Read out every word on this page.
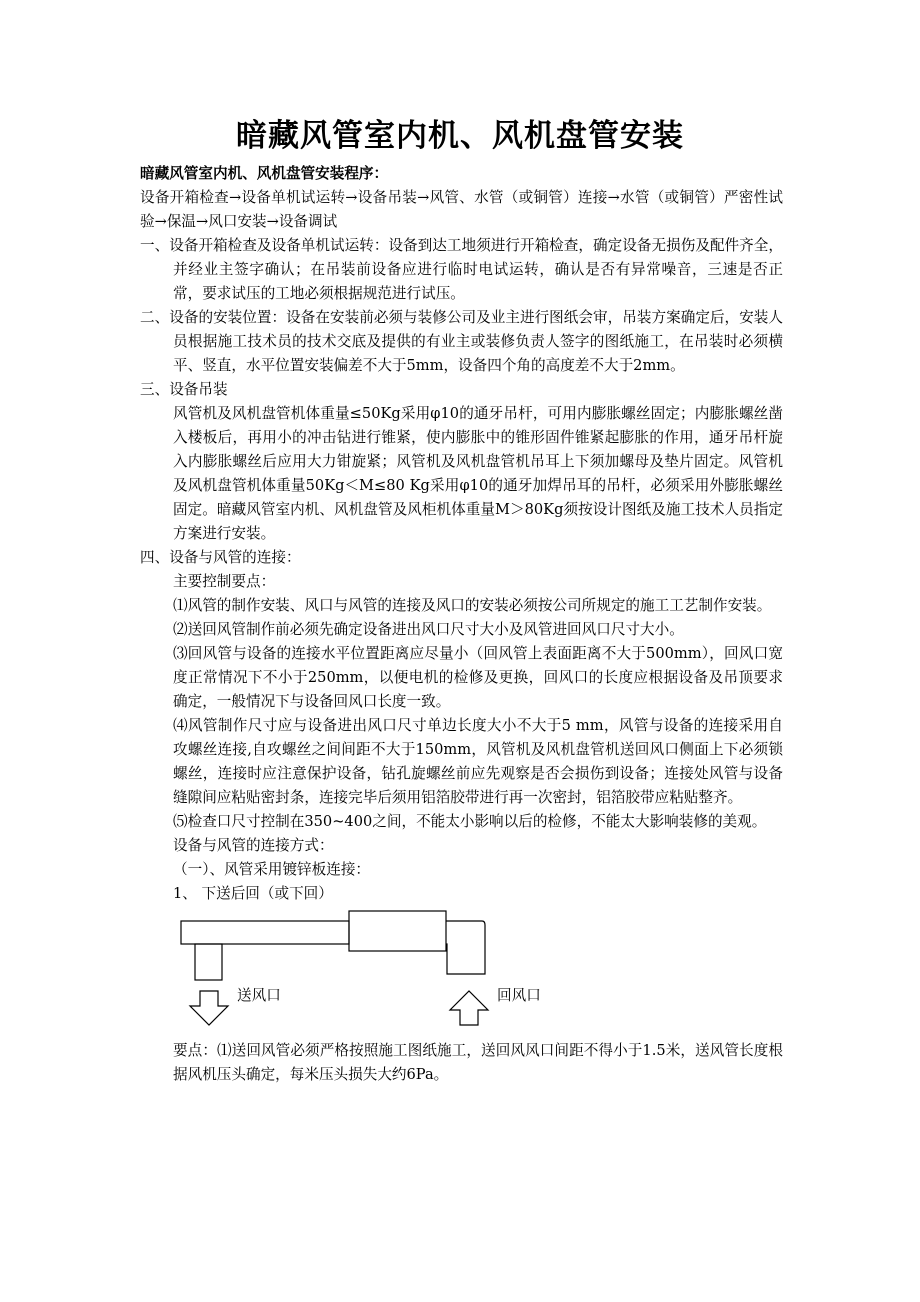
暗藏风管室内机、风机盘管安装

暗藏风管室内机、风机盘管安装程序：

设备开箱检查→设备单机试运转→设备吊装→风管、水管（或铜管）连接→水管（或铜管）严密性试验→保温→风口安装→设备调试

一、设备开箱检查及设备单机试运转：设备到达工地须进行开箱检查，确定设备无损伤及配件齐全，并经业主签字确认；在吊装前设备应进行临时电试运转，确认是否有异常噪音，三速是否正常，要求试压的工地必须根据规范进行试压。

二、设备的安装位置：设备在安装前必须与装修公司及业主进行图纸会审，吊装方案确定后，安装人员根据施工技术员的技术交底及提供的有业主或装修负责人签字的图纸施工，在吊装时必须横平、竖直，水平位置安装偏差不大于5mm，设备四个角的高度差不大于2mm。

三、设备吊装

风管机及风机盘管机体重量≤50Kg采用φ10的通牙吊杆，可用内膨胀螺丝固定；内膨胀螺丝凿入楼板后，再用小的冲击钻进行锥紧，使内膨胀中的锥形固件锥紧起膨胀的作用，通牙吊杆旋入内膨胀螺丝后应用大力钳旋紧；风管机及风机盘管机吊耳上下须加螺母及垫片固定。风管机及风机盘管机体重量50Kg＜M≤80 Kg采用φ10的通牙加焊吊耳的吊杆，必须采用外膨胀螺丝固定。暗藏风管室内机、风机盘管及风柜机体重量M＞80Kg须按设计图纸及施工技术人员指定方案进行安装。

四、设备与风管的连接：

主要控制要点：

⑴风管的制作安装、风口与风管的连接及风口的安装必须按公司所规定的施工工艺制作安装。

⑵送回风管制作前必须先确定设备进出风口尺寸大小及风管进回风口尺寸大小。

⑶回风管与设备的连接水平位置距离应尽量小（回风管上表面距离不大于500mm），回风口宽度正常情况下不小于250mm，以便电机的检修及更换，回风口的长度应根据设备及吊顶要求确定，一般情况下与设备回风口长度一致。

⑷风管制作尺寸应与设备进出风口尺寸单边长度大小不大于5 mm，风管与设备的连接采用自攻螺丝连接,自攻螺丝之间间距不大于150mm，风管机及风机盘管机送回风口侧面上下必须锁螺丝，连接时应注意保护设备，钻孔旋螺丝前应先观察是否会损伤到设备；连接处风管与设备缝隙间应粘贴密封条，连接完毕后须用铝箔胶带进行再一次密封，铝箔胶带应粘贴整齐。

⑸检查口尺寸控制在350~400之间，不能太小影响以后的检修，不能太大影响装修的美观。

设备与风管的连接方式：

（一）、风管采用镀锌板连接：

1、 下送后回（或下回）

送风口	回风口

要点：⑴送回风管必须严格按照施工图纸施工，送回风风口间距不得小于1.5米，送风管长度根据风机压头确定，每米压头损失大约6Pa。
